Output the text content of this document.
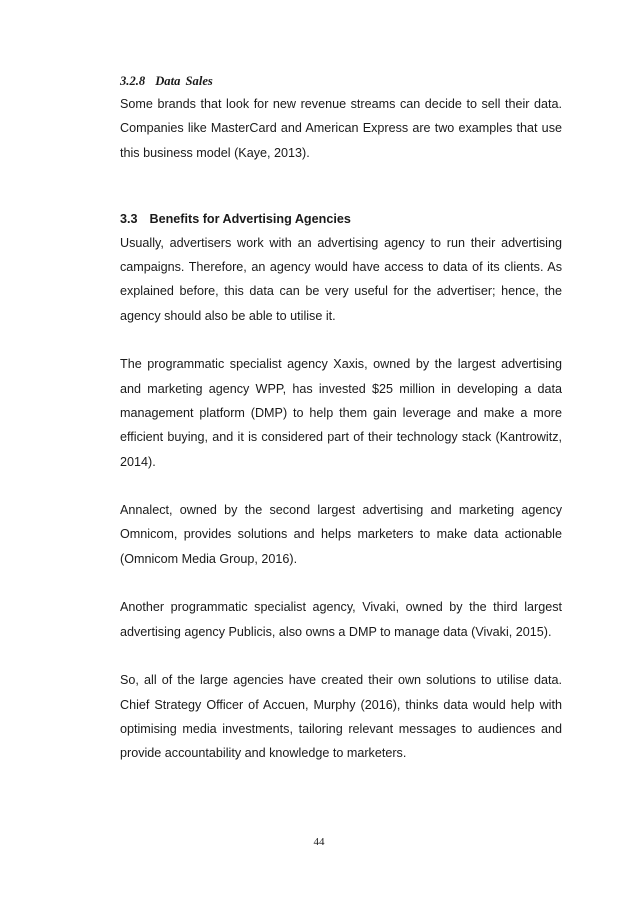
3.2.8 Data Sales

Some brands that look for new revenue streams can decide to sell their data. Companies like MasterCard and American Express are two examples that use this business model (Kaye, 2013).

3.3 Benefits for Advertising Agencies

Usually, advertisers work with an advertising agency to run their advertising campaigns. Therefore, an agency would have access to data of its clients. As explained before, this data can be very useful for the advertiser; hence, the agency should also be able to utilise it.

The programmatic specialist agency Xaxis, owned by the largest advertising and marketing agency WPP, has invested $25 million in developing a data management platform (DMP) to help them gain leverage and make a more efficient buying, and it is considered part of their technology stack (Kantrowitz, 2014).

Annalect, owned by the second largest advertising and marketing agency Omnicom, provides solutions and helps marketers to make data actionable (Omnicom Media Group, 2016).

Another programmatic specialist agency, Vivaki, owned by the third largest advertising agency Publicis, also owns a DMP to manage data (Vivaki, 2015).

So, all of the large agencies have created their own solutions to utilise data. Chief Strategy Officer of Accuen, Murphy (2016), thinks data would help with optimising media investments, tailoring relevant messages to audiences and provide accountability and knowledge to marketers.

44
